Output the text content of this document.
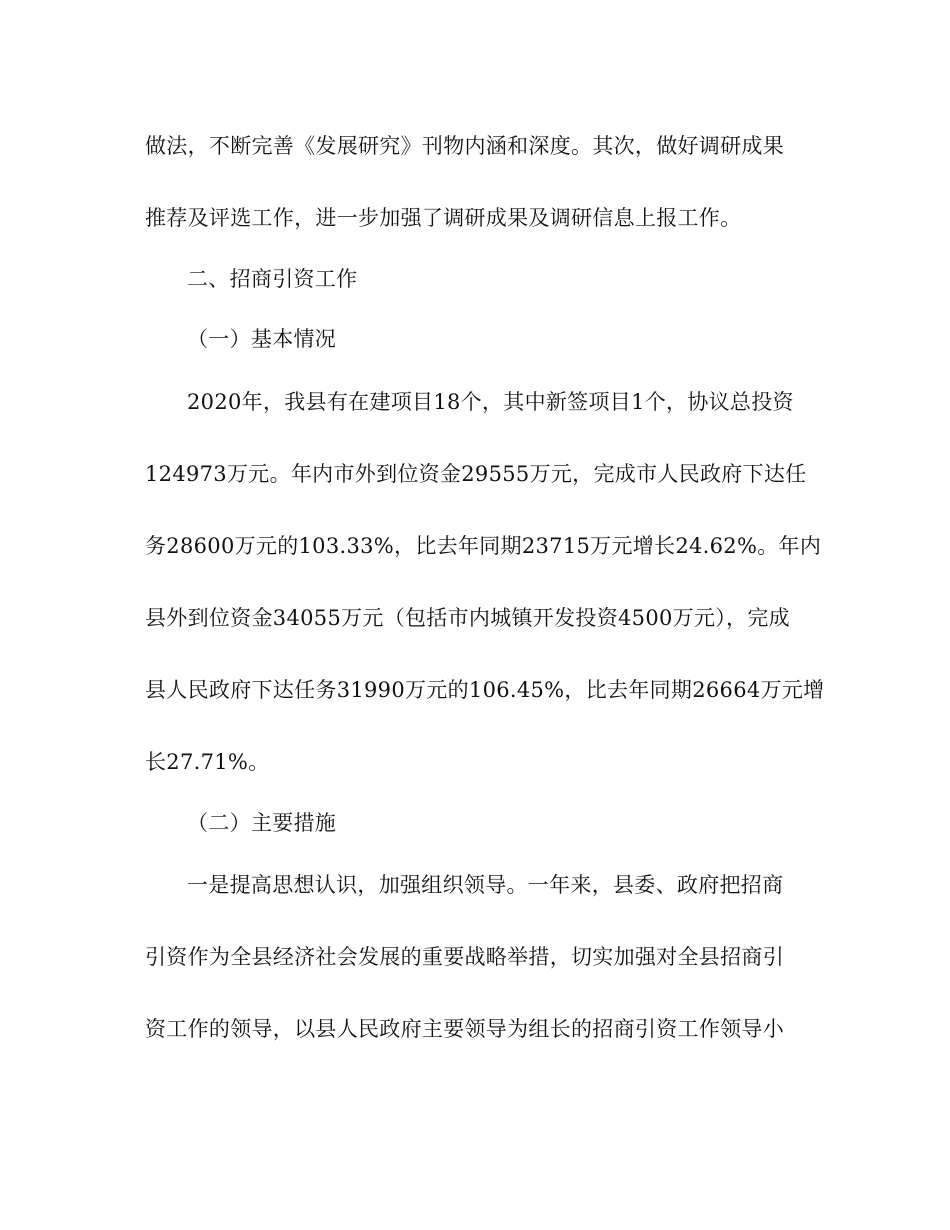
做法，不断完善《发展研究》刊物内涵和深度。其次，做好调研成果
推荐及评选工作，进一步加强了调研成果及调研信息上报工作。
二、招商引资工作
（一）基本情况
2020年，我县有在建项目18个，其中新签项目1个，协议总投资
124973万元。年内市外到位资金29555万元，完成市人民政府下达任
务28600万元的103.33%，比去年同期23715万元增长24.62%。年内
县外到位资金34055万元（包括市内城镇开发投资4500万元），完成
县人民政府下达任务31990万元的106.45%，比去年同期26664万元增
长27.71%。
（二）主要措施
一是提高思想认识，加强组织领导。一年来，县委、政府把招商
引资作为全县经济社会发展的重要战略举措，切实加强对全县招商引
资工作的领导，以县人民政府主要领导为组长的招商引资工作领导小
